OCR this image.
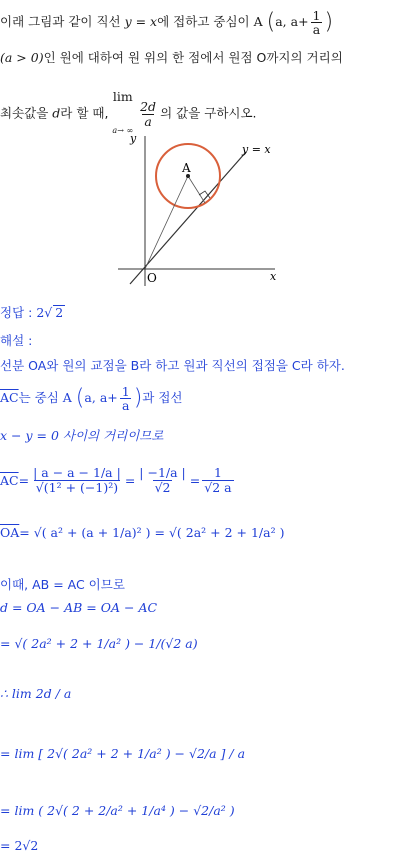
이래 그림과 같이 직선 y = x에 접하고 중심이 A (a, $a+ \frac{1}{a}$ )
(a > 0)인 원에 대하여 원 위의 한 점에서 원점 O까지의 거리의
최솟값을 d라 할 때,
lim
a→ ∞
$\frac{2d}{a}$ 의 값을 구하시오.
A
y = x
O	x
y
정답 : 2√ 2
해설 :
선분 OA와 원의 교점을 B라 하고 원과 직선의 접점을 C라 하자.
$\overline{AC}$는 중심 A (a, $a+ \frac{1}{a}$ )과 접선
x − y = 0 사이의 거리이므로
$\overline{AC} = \frac{| a - a - 1/a |}{\text{√(1² + (−1)²)}} = \frac{| -1/a |}{√2} = \frac{1}{√2 a}$
$\overline{OA}=$ √( a² + (a + 1/a)² ) = √( 2a² + 2 + 1/a² )
이때, AB = AC 이므로
d = OA − AB = OA − AC
= √( 2a² + 2 + 1/a² ) − 1/(√2 a)
∴ lim 2d / a
= lim [ 2√( 2a² + 2 + 1/a² ) − √2/a ] / a
= lim ( 2√( 2 + 2/a² + 1/a⁴ ) − √2/a² )
= 2√2
